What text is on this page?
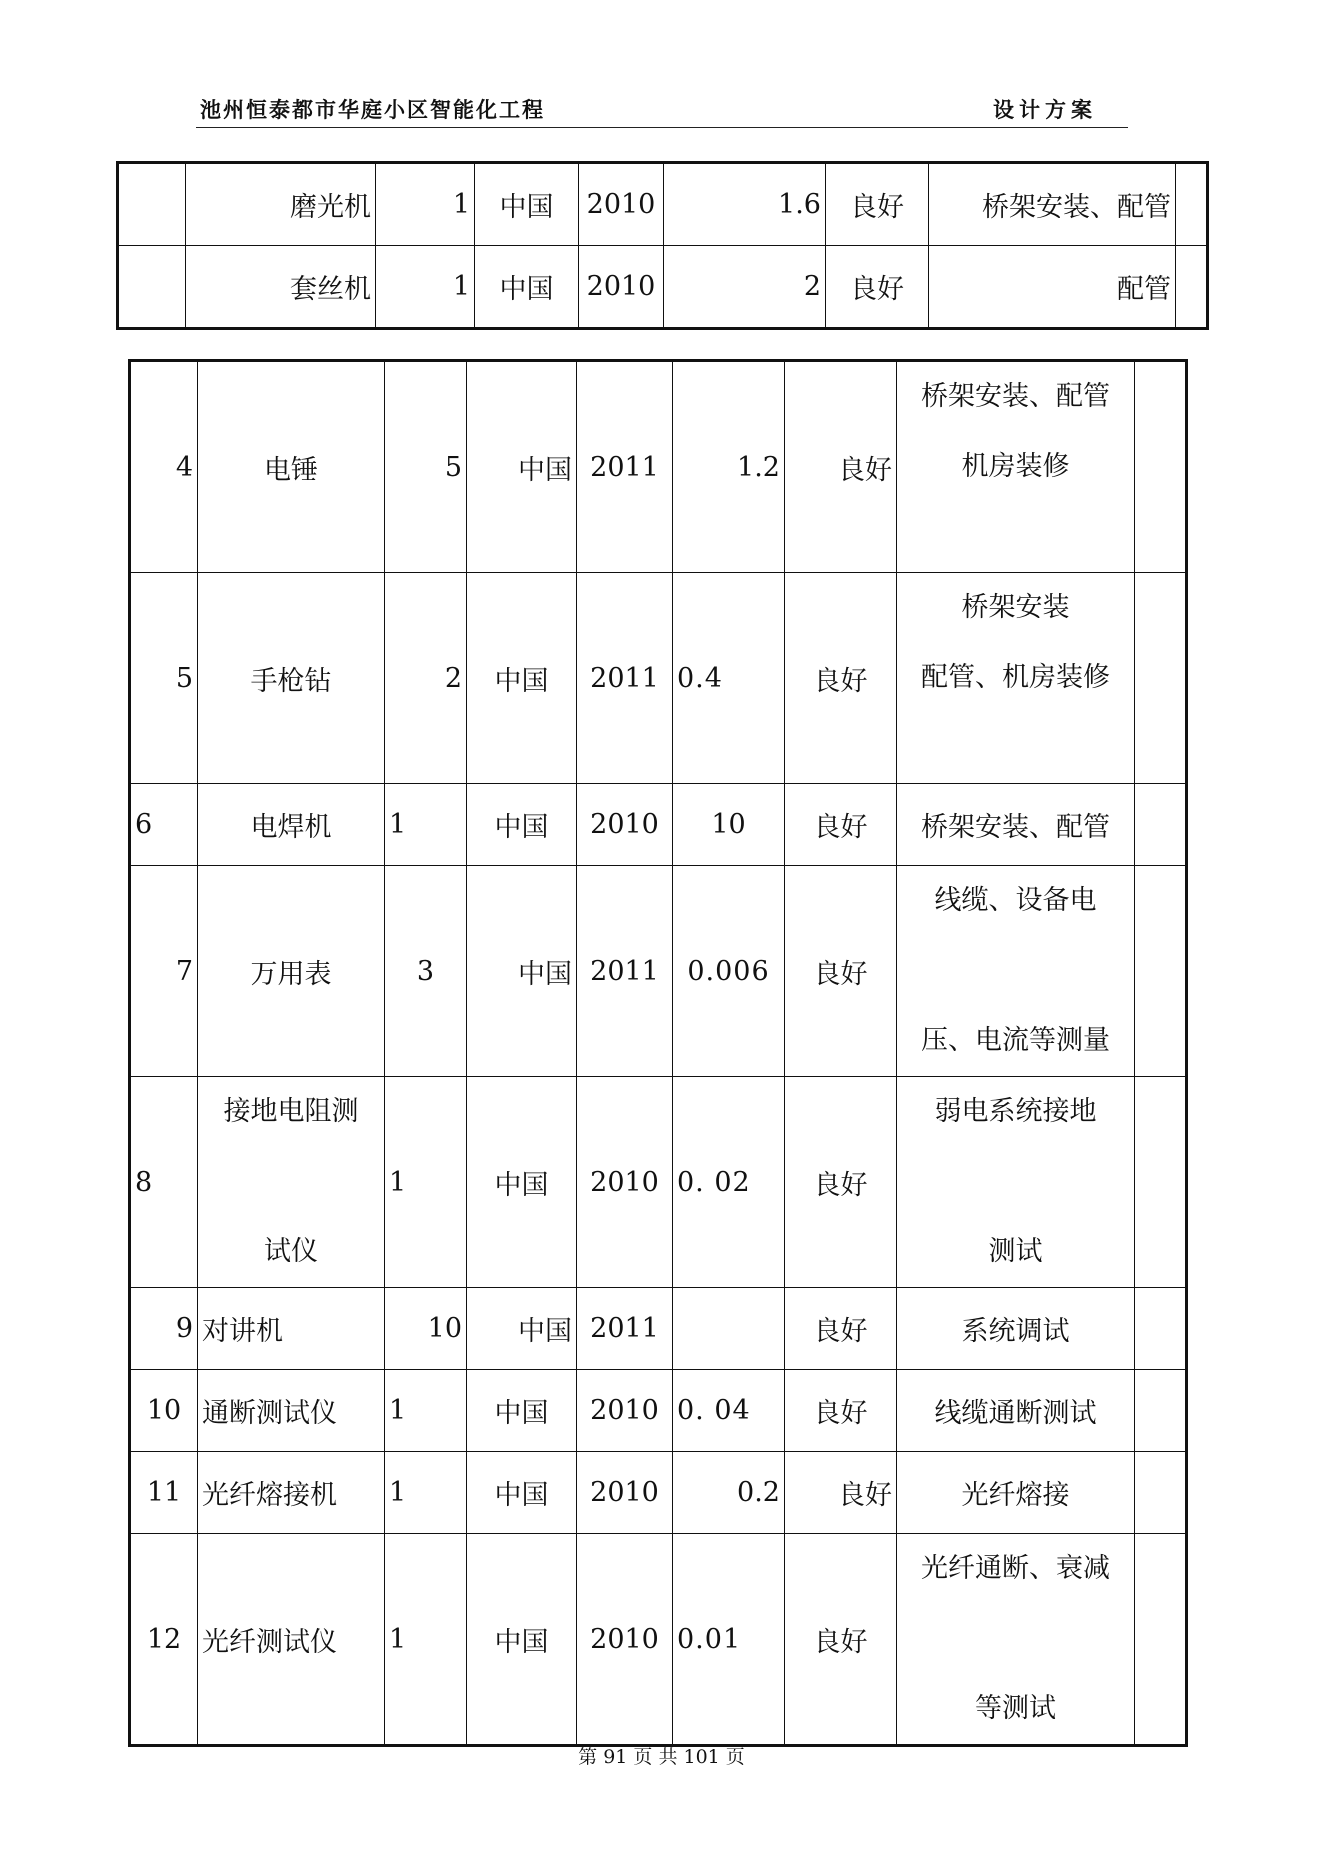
池州恒泰都市华庭小区智能化工程	设计方案
	磨光机	1	中国	2010	1.6	良好	桥架安装、配管	
	套丝机	1	中国	2010	2	良好	配管	
4	电锤	5	中国	2011	1.2	良好	桥架安装、配管
机房装修	

5	手枪钻	2	中国	2011	0.4	良好	桥架安装
配管、机房装修	

6	电焊机	1	中国	2010	10	良好	桥架安装、配管	
7	万用表	3	中国	2011	0.006	良好	线缆、设备电

压、电流等测量	

8	接地电阻测

试仪	1	中国	2010	0. 02	良好	弱电系统接地

测试	

9	对讲机	10	中国	2011		良好	系统调试	
10	通断测试仪	1	中国	2010	0. 04	良好	线缆通断测试	
11	光纤熔接机	1	中国	2010	0.2	良好	光纤熔接	
12	光纤测试仪	1	中国	2010	0.01	良好	光纤通断、衰减

等测试	

第 91 页 共 101 页
